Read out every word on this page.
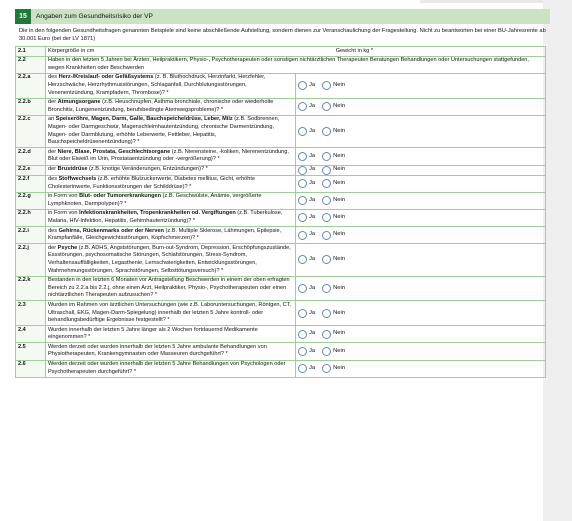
15	Angaben zum Gesundheitsrisiko der VP
Die in den folgenden Gesundheitsfragen genannten Beispiele sind keine abschließende Aufstellung, sondern dienen zur Veranschaulichung der Fragestellung. Nicht zu beantworten bei einer BU-Jahresrente ab 30.001 Euro (bei der LV 1871)
2.1	Körpergröße in cm Gewicht in kg *	

2.2	Haben in den letzten 5 Jahren bei Ärzten, Heilpraktikern, Physio-, Psychotherapeuten oder sonstigen nichtärztlichen Therapeuten Beratungen Behandlungen oder Untersuchungen stattgefunden, wegen Krankheiten oder Beschwerden	
2.2.a	des Herz-/Kreislauf- oder Gefäßsystems (z. B. Bluthochdruck, Herzinfarkt, Herzfehler, Herzschwäche, Herzrhythmusstörungen, Schlaganfall, Durchblutungsstörungen, Venenentzündung, Krampfadern, Thrombose)? *	Ja Nein

2.2.b	der Atmungsorgane (z.B. Heuschnupfen, Asthma bronchiale, chronische oder wiederholte Bronchitis, Lungenentzündung, berufsbedingte Atemwegsprobleme)? *	Ja Nein

2.2.c	an Speiseröhre, Magen, Darm, Galle, Bauchspeicheldrüse, Leber, Milz (z.B. Sodbrennen, Magen- oder Darmgeschwür, Magenschleimhautentzündung, chronische Darmentzündung, Magen- oder Darmblutung, erhöhte Leberwerte, Fettleber, Hepatitis, Bauchspeicheldrüsenentzündung)? *	Ja Nein

2.2.d	der Niere, Blase, Prostata, Geschlechtsorgane (z.B. Nierensteine, -koliken, Nierenentzündung, Blut oder Eiweiß im Urin, Prostataentzündung oder -vergrößerung)? *	Ja Nein

2.2.e	der Brustdrüse (z.B. knotige Veränderungen, Entzündungen)? *	Ja Nein

2.2.f	des Stoffwechsels (z.B. erhöhte Blutzuckerwerte, Diabetes mellitus, Gicht, erhöhte Cholesterinwerte, Funktionsstörungen der Schilddrüse)? *	Ja Nein

2.2.g	in Form von Blut- oder Tumorerkrankungen (z.B. Geschwülste, Anämie, vergrößerte Lymphknoten, Darmpolypen)? *	Ja Nein

2.2.h	in Form von Infektionskrankheiten, Tropenkrankheiten od. Vergiftungen (z.B. Tuberkulose, Malaria, HIV-Infektion, Hepatitis, Gehirnhautentzündung)? *	Ja Nein

2.2.i	des Gehirns, Rückenmarks oder der Nerven (z.B. Multiple Sklerose, Lähmungen, Epilepsie, Krampfanfälle, Gleichgewichtsstörungen, Kopfschmerzen)? *	Ja Nein

2.2.j	der Psyche (z.B. ADHS, Angststörungen, Burn-out-Syndrom, Depression, Erschöpfungszustände, Essstörungen, psychosomatische Störungen, Schlafstörungen, Stress-Syndrom, Verhaltensauffälligkeiten, Legasthenie, Lernschwierigkeiten, Entwicklungsstörungen, Wahrnehmungsstörungen, Sprachstörungen, Selbsttötungsversuch)? *	Ja Nein

2.2.k	Bestanden in den letzten 6 Monaten vor Antragstellung Beschwerden in einem der oben erfragten Bereich zu 2.2.a bis 2.2.j, ohne einen Arzt, Heilpraktiker, Physio-, Psychotherapeuten oder einen nichtärztlichen Therapeuten aufzusuchen? *	Ja Nein

2.3	Wurden im Rahmen von ärztlichen Untersuchungen (wie z.B. Laboruntersuchungen, Röntgen, CT, Ultraschall, EKG, Magen-Darm-Spiegelung) innerhalb der letzten 5 Jahre kontroll- oder behandlungsbedürftige Ergebnisse festgestellt? *	Ja Nein

2.4	Wurden innerhalb der letzten 5 Jahre länger als 2 Wochen fortdauernd Medikamente eingenommen? *	Ja Nein

2.5	Werden derzeit oder wurden innerhalb der letzten 5 Jahre ambulante Behandlungen von Physiotherapeuten, Krankengymnasten oder Masseuren durchgeführt? *	Ja Nein

2.6	Werden derzeit oder wurden innerhalb der letzten 5 Jahre Behandlungen von Psychologen oder Psychotherapeuten durchgeführt? *	Ja Nein
